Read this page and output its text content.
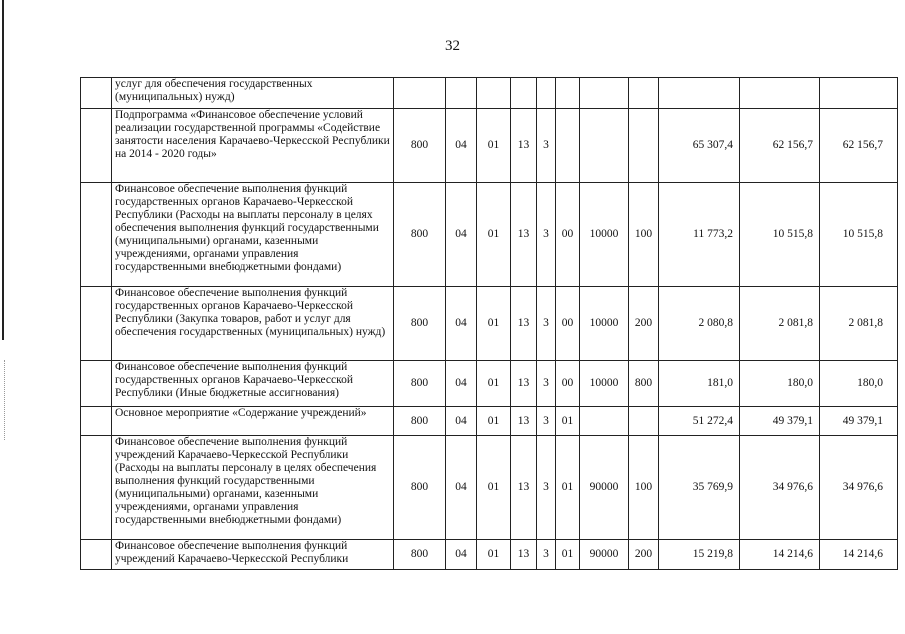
32
	услуг для обеспечения государственных (муниципальных) нужд)											
	Подпрограмма «Финансовое обеспечение условий реализации государственной программы «Содействие занятости населения Карачаево-Черкесской Республики на 2014 - 2020 годы»	800	04	01	13	3				65 307,4	62 156,7	62 156,7
	Финансовое обеспечение выполнения функций государственных органов Карачаево-Черкесской Республики (Расходы на выплаты персоналу в целях обеспечения выполнения функций государственными (муниципальными) органами, казенными учреждениями, органами управления государственными внебюджетными фондами)	800	04	01	13	3	00	10000	100	11 773,2	10 515,8	10 515,8
	Финансовое обеспечение выполнения функций государственных органов Карачаево-Черкесской Республики (Закупка товаров, работ и услуг для обеспечения государственных (муниципальных) нужд)	800	04	01	13	3	00	10000	200	2 080,8	2 081,8	2 081,8
	Финансовое обеспечение выполнения функций государственных органов Карачаево-Черкесской Республики (Иные бюджетные ассигнования)	800	04	01	13	3	00	10000	800	181,0	180,0	180,0
	Основное мероприятие «Содержание учреждений»	800	04	01	13	3	01			51 272,4	49 379,1	49 379,1
	Финансовое обеспечение выполнения функций учреждений Карачаево-Черкесской Республики (Расходы на выплаты персоналу в целях обеспечения выполнения функций государственными (муниципальными) органами, казенными учреждениями, органами управления государственными внебюджетными фондами)	800	04	01	13	3	01	90000	100	35 769,9	34 976,6	34 976,6
	Финансовое обеспечение выполнения функций учреждений Карачаево-Черкесской Республики	800	04	01	13	3	01	90000	200	15 219,8	14 214,6	14 214,6
